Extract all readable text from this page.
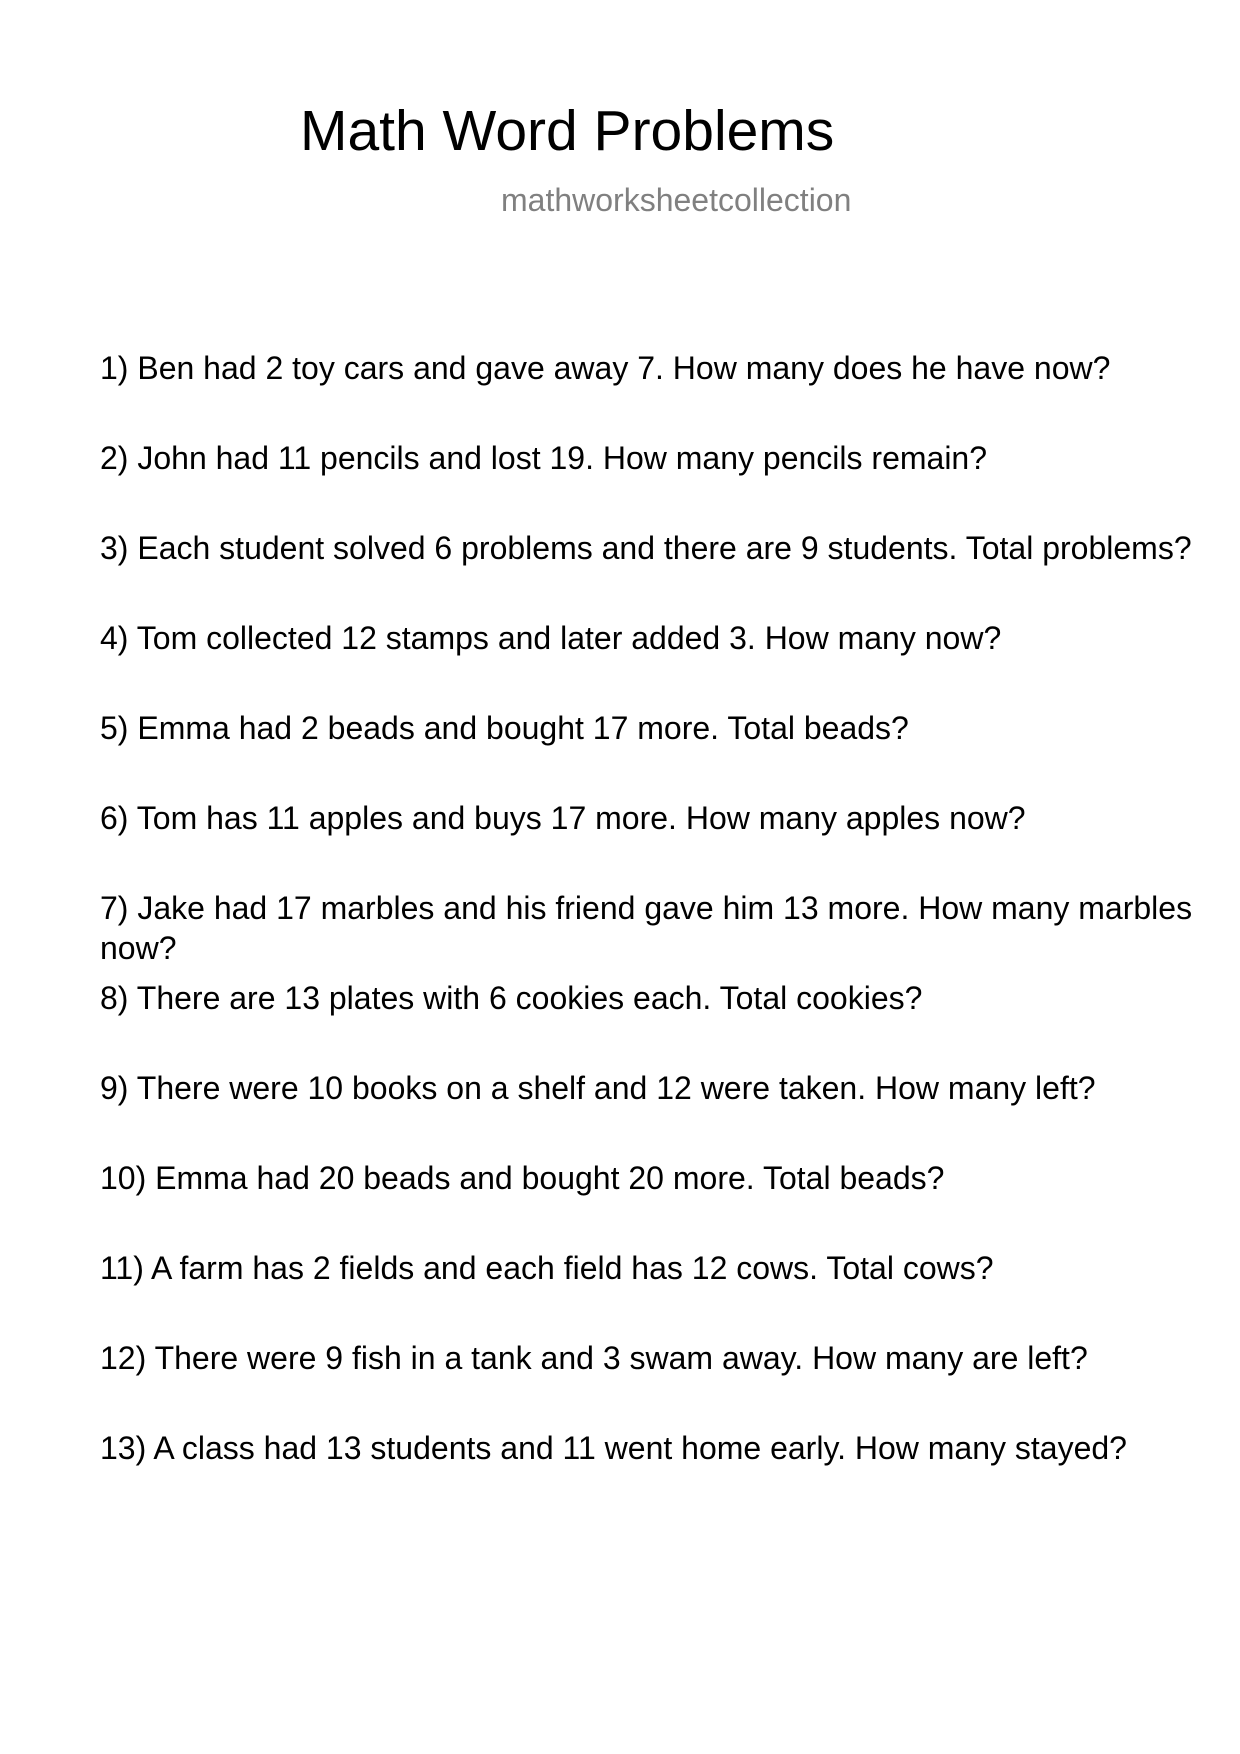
Math Word Problems
mathworksheetcollection
1) Ben had 2 toy cars and gave away 7. How many does he have now?
2) John had 11 pencils and lost 19. How many pencils remain?
3) Each student solved 6 problems and there are 9 students. Total problems?
4) Tom collected 12 stamps and later added 3. How many now?
5) Emma had 2 beads and bought 17 more. Total beads?
6) Tom has 11 apples and buys 17 more. How many apples now?
7) Jake had 17 marbles and his friend gave him 13 more. How many marbles now?
8) There are 13 plates with 6 cookies each. Total cookies?
9) There were 10 books on a shelf and 12 were taken. How many left?
10) Emma had 20 beads and bought 20 more. Total beads?
11) A farm has 2 fields and each field has 12 cows. Total cows?
12) There were 9 fish in a tank and 3 swam away. How many are left?
13) A class had 13 students and 11 went home early. How many stayed?
